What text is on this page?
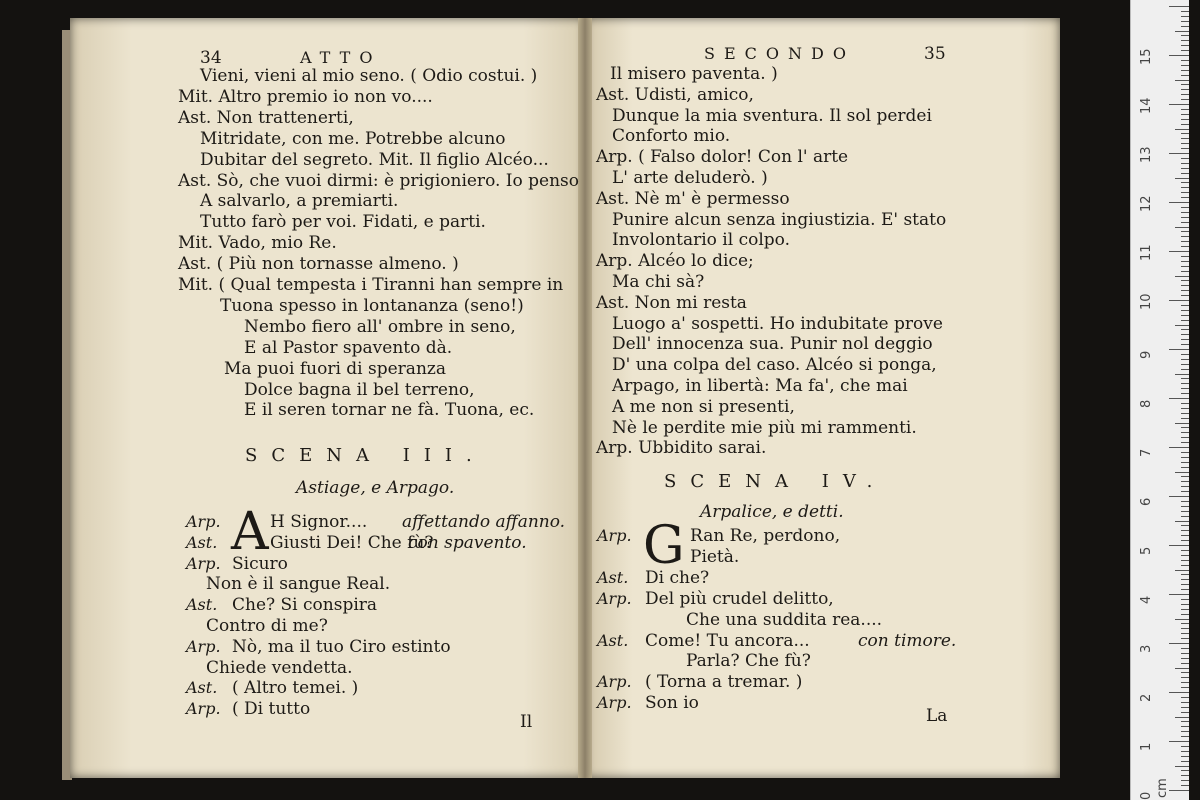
34	ATTO
Vieni, vieni al mio seno. ( Odio costui. )
Mit. Altro premio io non vo....
Ast. Non trattenerti,
Mitridate, con me. Potrebbe alcuno
Dubitar del segreto. Mit. Il figlio Alcéo...
Ast. Sò, che vuoi dirmi: è prigioniero. Io penso
A salvarlo, a premiarti.
Tutto farò per voi. Fidati, e parti.
Mit. Vado, mio Re.
Ast. ( Più non tornasse almeno. )
Mit. ( Qual tempesta i Tiranni han sempre in
Tuona spesso in lontananza (seno!)
Nembo fiero all' ombre in seno,
E al Pastor spavento dà.
Ma puoi fuori di speranza
Dolce bagna il bel terreno,
E il seren tornar ne fà. Tuona, ec.
SCENA III.
Astiage, e Arpago.
A
Arp.	H Signor.... affettando affanno.
Ast.	Giusti Dei! Che fù?
con spavento.
Arp. Sicuro
Non è il sangue Real.
Ast. Che? Si conspira
Contro di me?
Arp. Nò, ma il tuo Ciro estinto
Chiede vendetta.
Ast. ( Altro temei. )
Arp. ( Di tutto
Il
SECONDO	35
Il misero paventa. )
Ast. Udisti, amico,
Dunque la mia sventura. Il sol perdei
Conforto mio.
Arp. ( Falso dolor! Con l' arte
L' arte deluderò. )
Ast. Nè m' è permesso
Punire alcun senza ingiustizia. E' stato
Involontario il colpo.
Arp. Alcéo lo dice;
Ma chi sà?
Ast. Non mi resta
Luogo a' sospetti. Ho indubitate prove
Dell' innocenza sua. Punir nol deggio
D' una colpa del caso. Alcéo si ponga,
Arpago, in libertà: Ma fa', che mai
A me non si presenti,
Nè le perdite mie più mi rammenti.
Arp. Ubbidito sarai.
SCENA IV.
Arpalice, e detti.
G
Arp.	Ran Re, perdono,
Pietà.
Ast. Di che?
Arp. Del più crudel delitto,
Che una suddita rea....
Ast. Come! Tu ancora...	con timore.
Parla? Che fù?
Arp. ( Torna a tremar. )
Arp. Son io
La
0
1
2
3
4
5
6
7
8
9
10
11
12
13
14
15
cm
